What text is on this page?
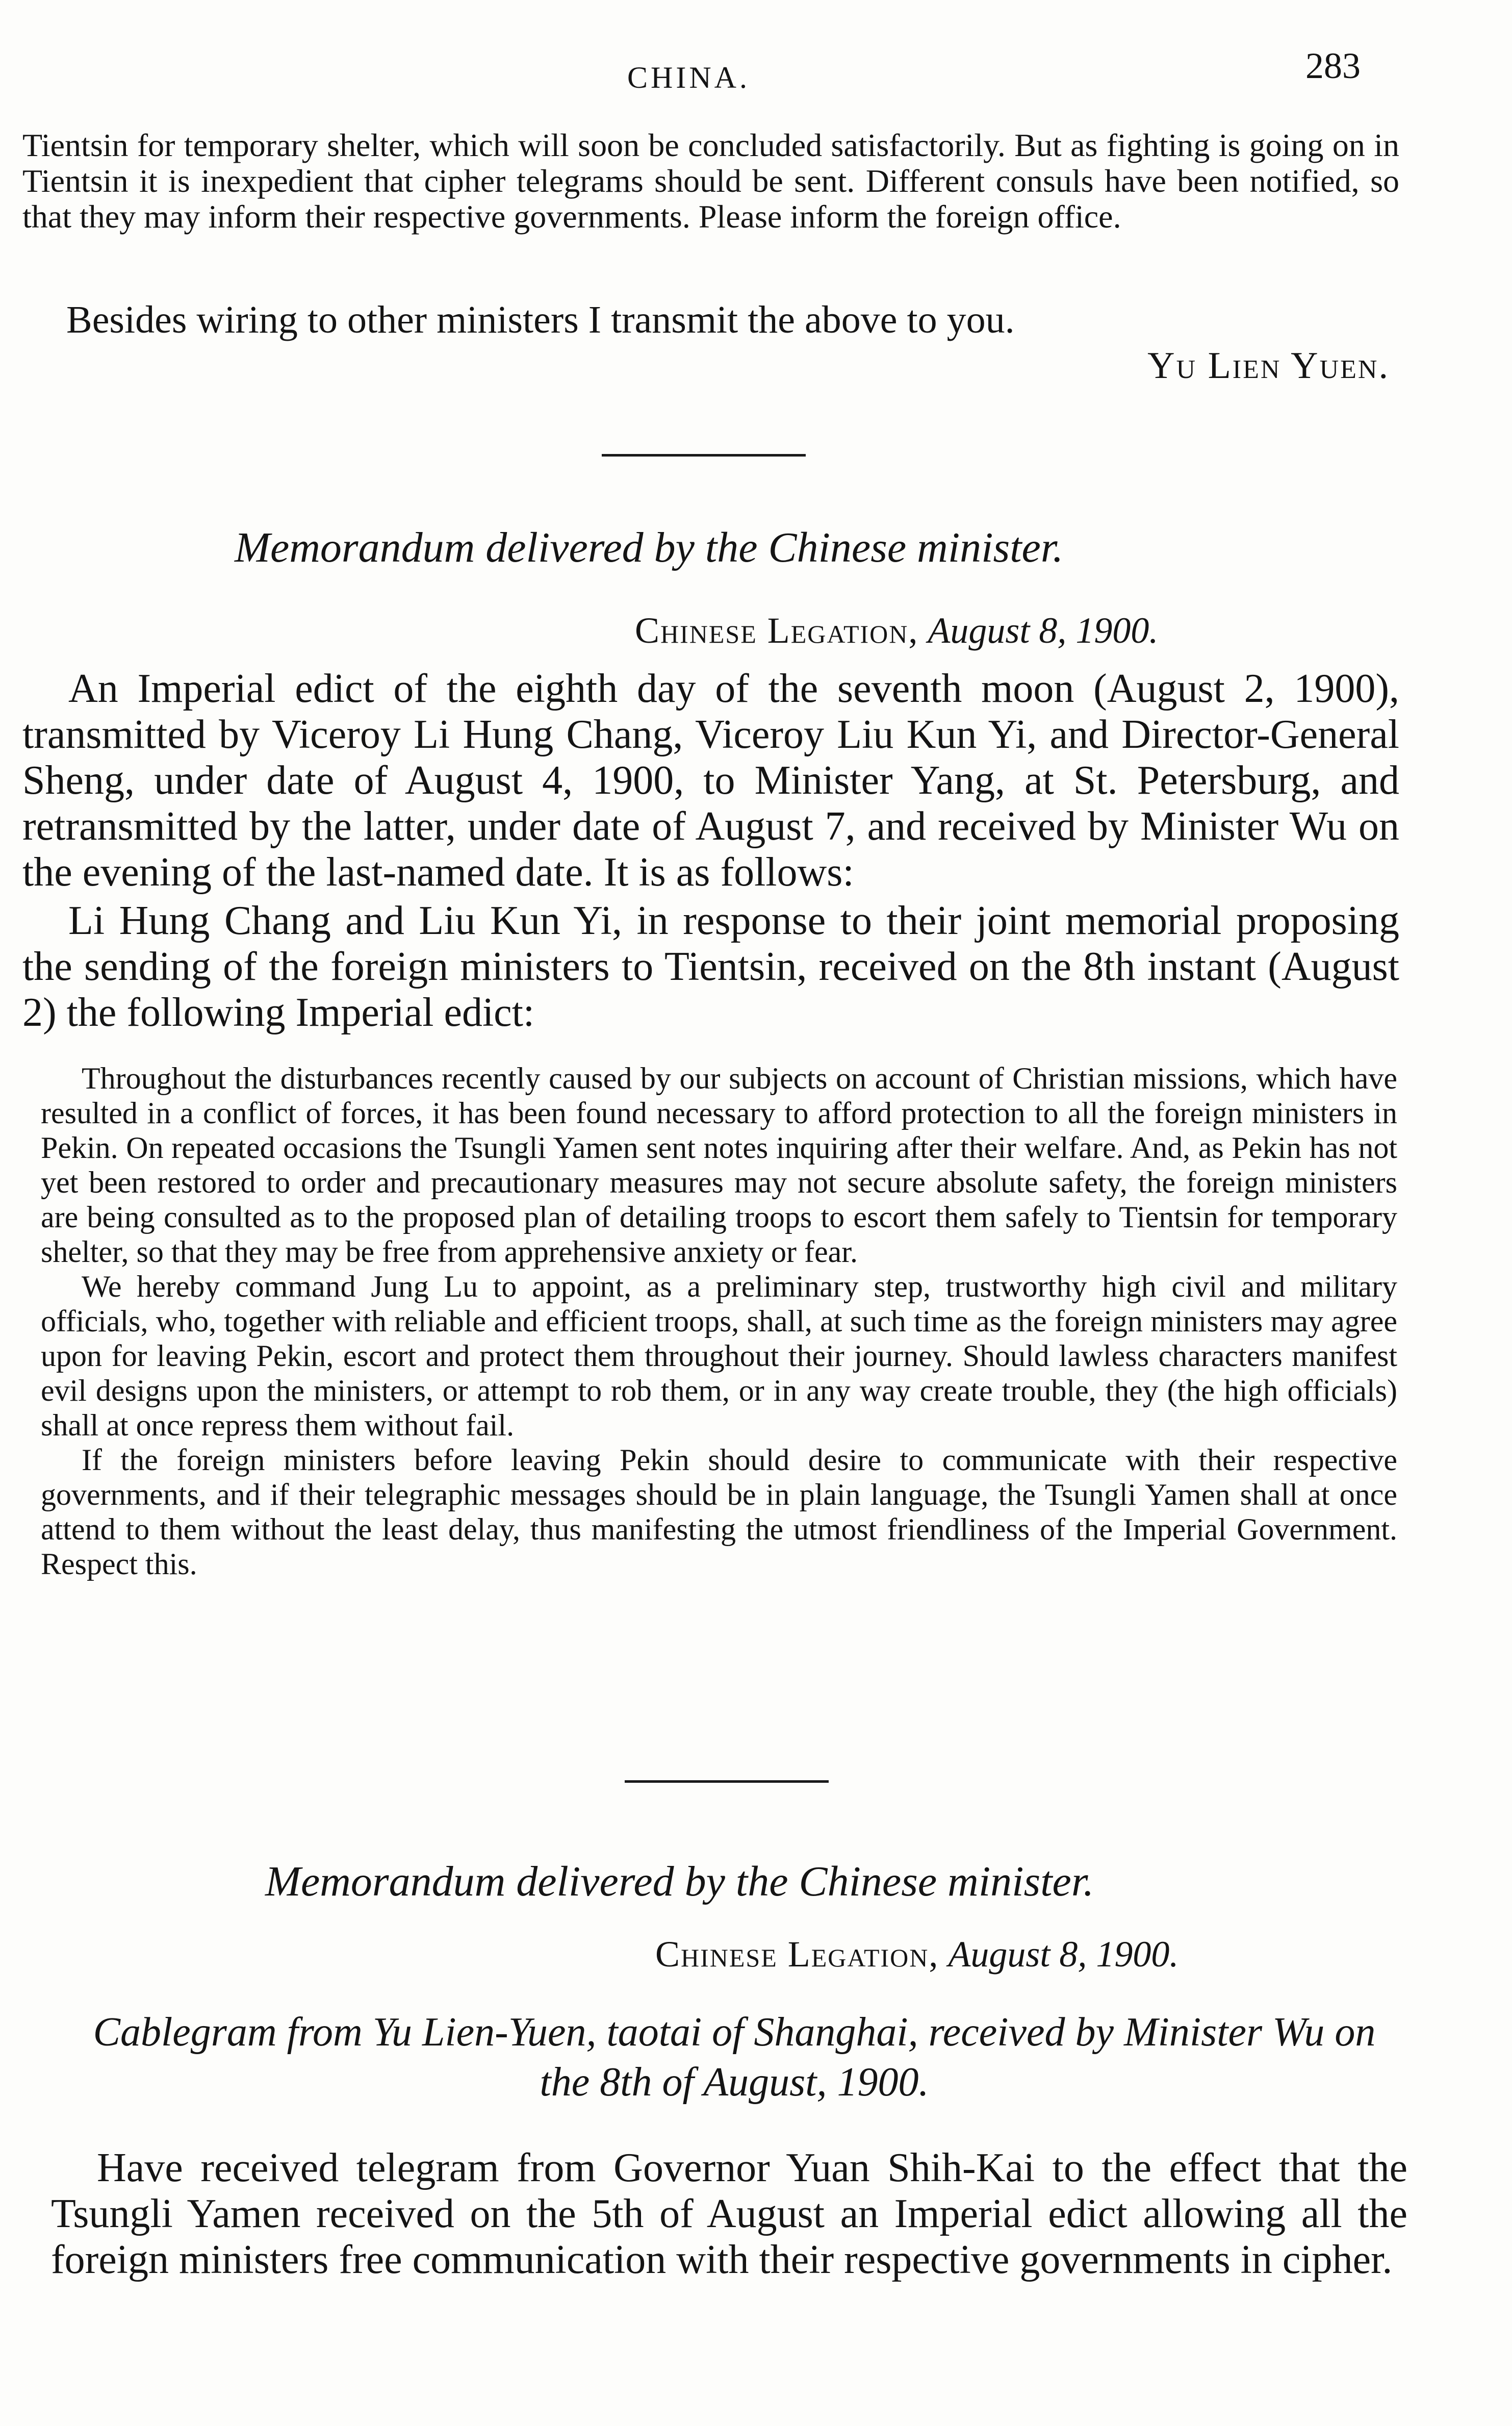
CHINA.	283

Tientsin for temporary shelter, which will soon be concluded satisfactorily. But as fighting is going on in Tientsin it is inexpedient that cipher telegrams should be sent. Different consuls have been notified, so that they may inform their respective governments. Please inform the foreign office.

Besides wiring to other ministers I transmit the above to you.

Yu Lien Yuen.
Memorandum delivered by the Chinese minister.
Chinese Legation, August 8, 1900.

An Imperial edict of the eighth day of the seventh moon (August 2, 1900), transmitted by Viceroy Li Hung Chang, Viceroy Liu Kun Yi, and Director-General Sheng, under date of August 4, 1900, to Minister Yang, at St. Petersburg, and retransmitted by the latter, under date of August 7, and received by Minister Wu on the evening of the last-named date. It is as follows:

Li Hung Chang and Liu Kun Yi, in response to their joint memorial proposing the sending of the foreign ministers to Tientsin, received on the 8th instant (August 2) the following Imperial edict:

Throughout the disturbances recently caused by our subjects on account of Christian missions, which have resulted in a conflict of forces, it has been found necessary to afford protection to all the foreign ministers in Pekin. On repeated occasions the Tsungli Yamen sent notes inquiring after their welfare. And, as Pekin has not yet been restored to order and precautionary measures may not secure absolute safety, the foreign ministers are being consulted as to the proposed plan of detailing troops to escort them safely to Tientsin for temporary shelter, so that they may be free from apprehensive anxiety or fear.

We hereby command Jung Lu to appoint, as a preliminary step, trustworthy high civil and military officials, who, together with reliable and efficient troops, shall, at such time as the foreign ministers may agree upon for leaving Pekin, escort and protect them throughout their journey. Should lawless characters manifest evil designs upon the ministers, or attempt to rob them, or in any way create trouble, they (the high officials) shall at once repress them without fail.

If the foreign ministers before leaving Pekin should desire to communicate with their respective governments, and if their telegraphic messages should be in plain language, the Tsungli Yamen shall at once attend to them without the least delay, thus manifesting the utmost friendliness of the Imperial Government. Respect this.

Memorandum delivered by the Chinese minister.
Chinese Legation, August 8, 1900.
Cablegram from Yu Lien-Yuen, taotai of Shanghai, received by Minister Wu on the 8th of August, 1900.

Have received telegram from Governor Yuan Shih-Kai to the effect that the Tsungli Yamen received on the 5th of August an Imperial edict allowing all the foreign ministers free communication with their respective governments in cipher.
